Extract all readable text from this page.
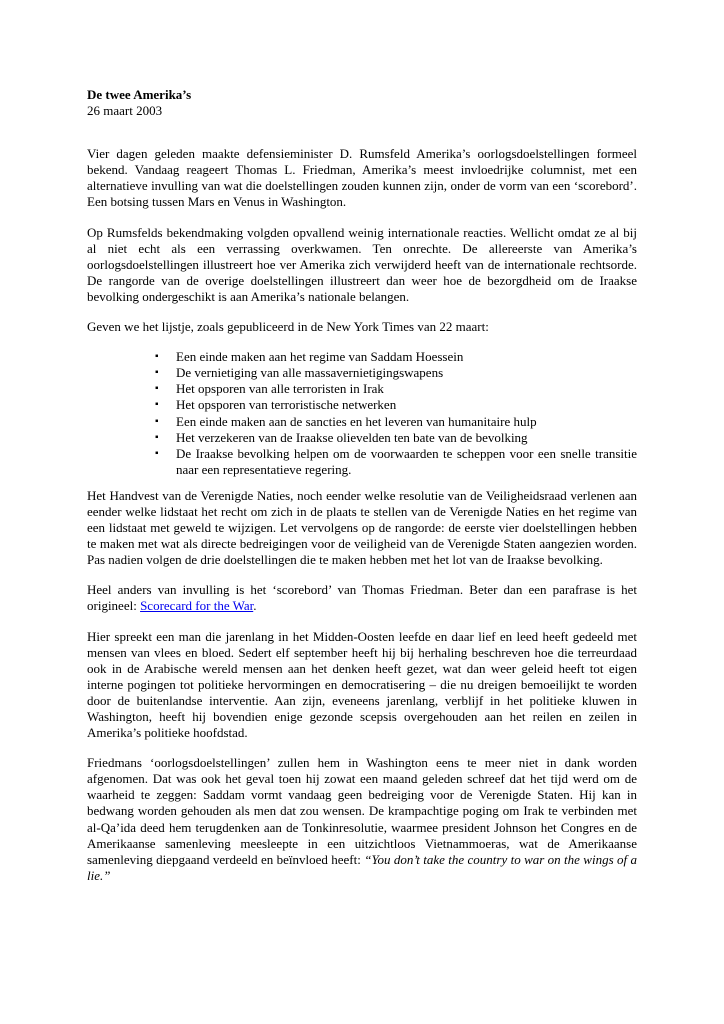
De twee Amerika’s
26 maart 2003

Vier dagen geleden maakte defensieminister D. Rumsfeld Amerika’s oorlogsdoelstellingen formeel bekend. Vandaag reageert Thomas L. Friedman, Amerika’s meest invloedrijke columnist, met een alternatieve invulling van wat die doelstellingen zouden kunnen zijn, onder de vorm van een ‘scorebord’. Een botsing tussen Mars en Venus in Washington.

Op Rumsfelds bekendmaking volgden opvallend weinig internationale reacties. Wellicht omdat ze al bij al niet echt als een verrassing overkwamen. Ten onrechte. De allereerste van Amerika’s oorlogsdoelstellingen illustreert hoe ver Amerika zich verwijderd heeft van de internationale rechtsorde. De rangorde van de overige doelstellingen illustreert dan weer hoe de bezorgdheid om de Iraakse bevolking ondergeschikt is aan Amerika’s nationale belangen.

Geven we het lijstje, zoals gepubliceerd in de New York Times van 22 maart:

▪ Een einde maken aan het regime van Saddam Hoessein
▪ De vernietiging van alle massavernietigingswapens
▪ Het opsporen van alle terroristen in Irak
▪ Het opsporen van terroristische netwerken
▪ Een einde maken aan de sancties en het leveren van humanitaire hulp
▪ Het verzekeren van de Iraakse olievelden ten bate van de bevolking
▪ De Iraakse bevolking helpen om de voorwaarden te scheppen voor een snelle transitie naar een representatieve regering.

Het Handvest van de Verenigde Naties, noch eender welke resolutie van de Veiligheidsraad verlenen aan eender welke lidstaat het recht om zich in de plaats te stellen van de Verenigde Naties en het regime van een lidstaat met geweld te wijzigen. Let vervolgens op de rangorde: de eerste vier doelstellingen hebben te maken met wat als directe bedreigingen voor de veiligheid van de Verenigde Staten aangezien worden. Pas nadien volgen de drie doelstellingen die te maken hebben met het lot van de Iraakse bevolking.

Heel anders van invulling is het ‘scorebord’ van Thomas Friedman. Beter dan een parafrase is het origineel: Scorecard for the War.

Hier spreekt een man die jarenlang in het Midden-Oosten leefde en daar lief en leed heeft gedeeld met mensen van vlees en bloed. Sedert elf september heeft hij bij herhaling beschreven hoe die terreurdaad ook in de Arabische wereld mensen aan het denken heeft gezet, wat dan weer geleid heeft tot eigen interne pogingen tot politieke hervormingen en democratisering – die nu dreigen bemoeilijkt te worden door de buitenlandse interventie. Aan zijn, eveneens jarenlang, verblijf in het politieke kluwen in Washington, heeft hij bovendien enige gezonde scepsis overgehouden aan het reilen en zeilen in Amerika’s politieke hoofdstad.

Friedmans ‘oorlogsdoelstellingen’ zullen hem in Washington eens te meer niet in dank worden afgenomen. Dat was ook het geval toen hij zowat een maand geleden schreef dat het tijd werd om de waarheid te zeggen: Saddam vormt vandaag geen bedreiging voor de Verenigde Staten. Hij kan in bedwang worden gehouden als men dat zou wensen. De krampachtige poging om Irak te verbinden met al-Qa’ida deed hem terugdenken aan de Tonkinresolutie, waarmee president Johnson het Congres en de Amerikaanse samenleving meesleepte in een uitzichtloos Vietnammoeras, wat de Amerikaanse samenleving diepgaand verdeeld en beïnvloed heeft: “You don’t take the country to war on the wings of a lie.”
